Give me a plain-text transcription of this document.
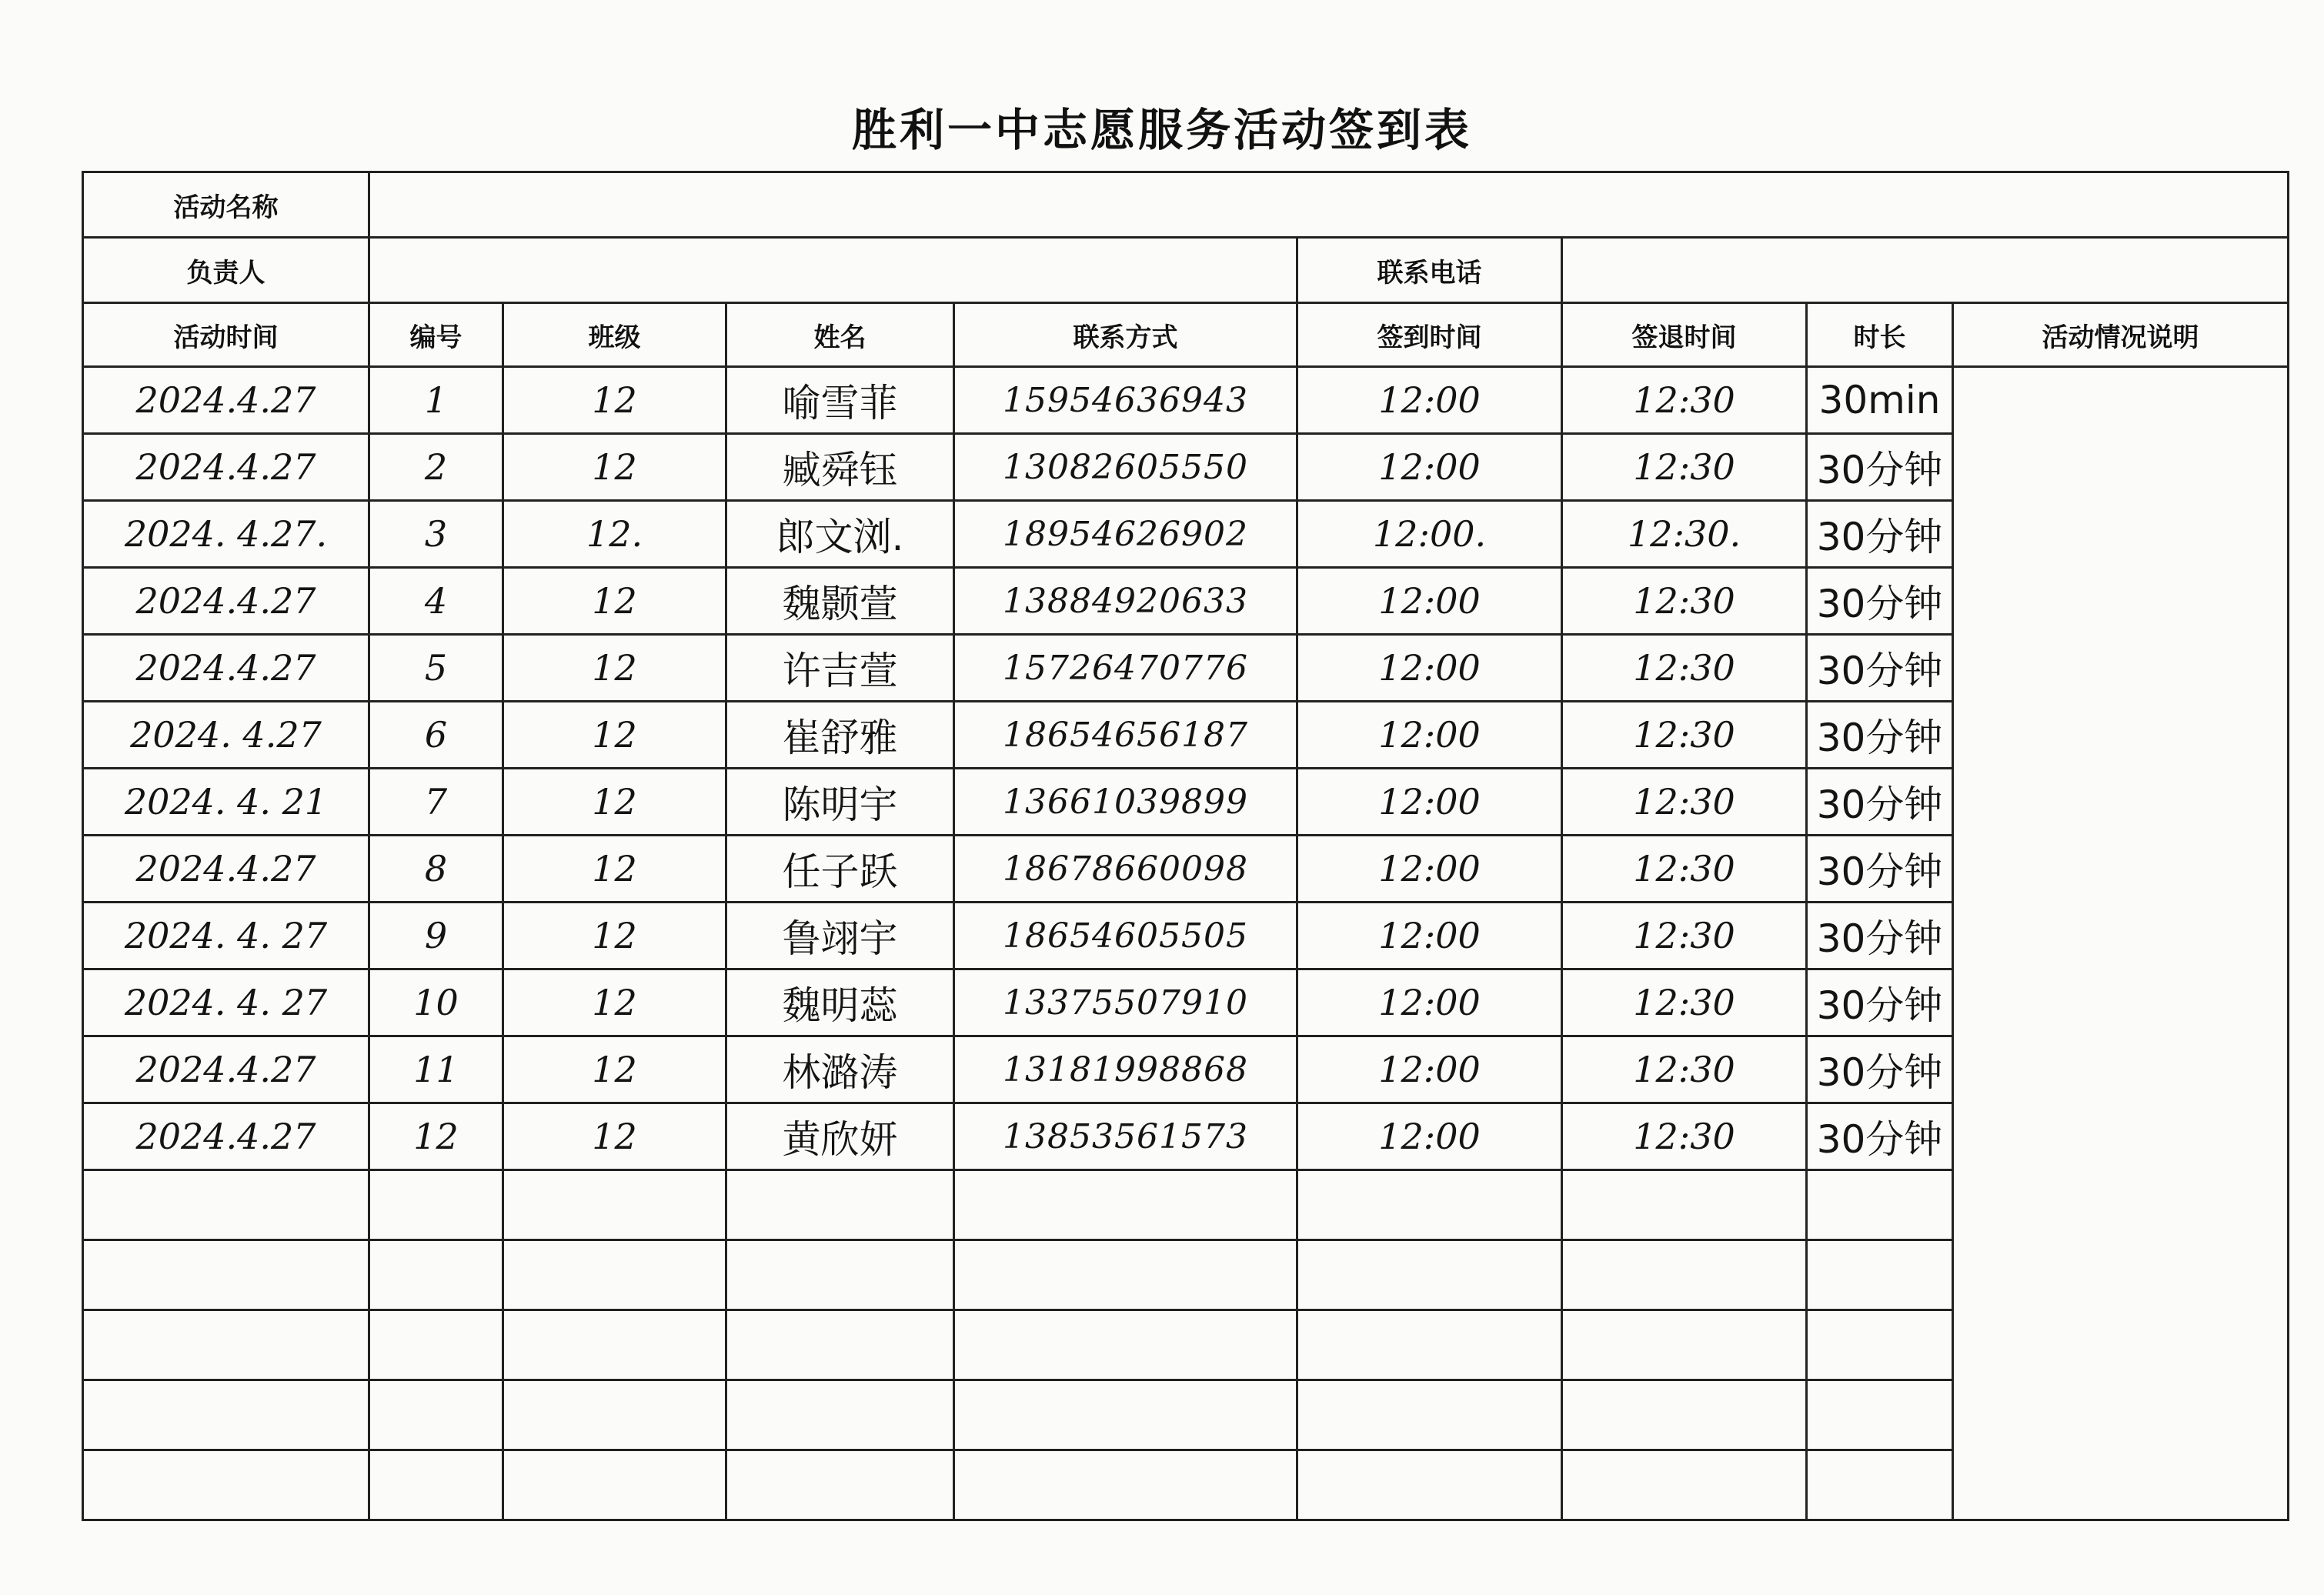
胜利一中志愿服务活动签到表
活动名称								
负责人					联系电话			
活动时间	编号	班级	姓名	联系方式	签到时间	签退时间	时长	活动情况说明
2024.4.27	1	12	喻雪菲	15954636943	12:00	12:30	30min	
2024.4.27	2	12	臧舜钰	13082605550	12:00	12:30	30分钟	
2024. 4.27.	3	12.	郎文浏.	18954626902	12:00.	12:30.	30分钟	
2024.4.27	4	12	魏颢萱	13884920633	12:00	12:30	30分钟	
2024.4.27	5	12	许吉萱	15726470776	12:00	12:30	30分钟	
2024. 4.27	6	12	崔舒雅	18654656187	12:00	12:30	30分钟	
2024. 4. 21	7	12	陈明宇	13661039899	12:00	12:30	30分钟	
2024.4.27	8	12	任子跃	18678660098	12:00	12:30	30分钟	
2024. 4. 27	9	12	鲁翊宇	18654605505	12:00	12:30	30分钟	
2024. 4. 27	10	12	魏明蕊	13375507910	12:00	12:30	30分钟	
2024.4.27	11	12	林潞涛	13181998868	12:00	12:30	30分钟	
2024.4.27	12	12	黄欣妍	13853561573	12:00	12:30	30分钟	
